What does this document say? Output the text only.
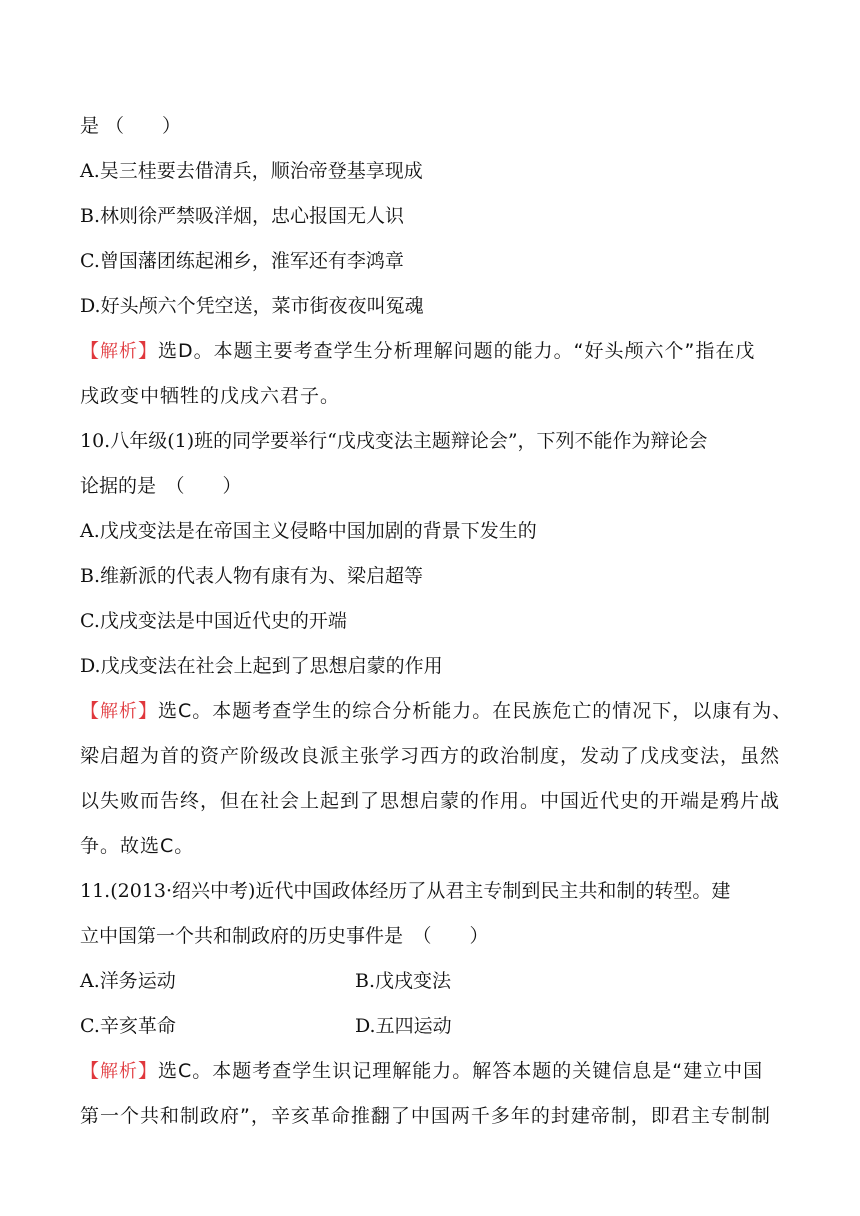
是 （　　）
A.吴三桂要去借清兵，顺治帝登基享现成
B.林则徐严禁吸洋烟，忠心报国无人识
C.曾国藩团练起湘乡，淮军还有李鸿章
D.好头颅六个凭空送，菜市街夜夜叫冤魂
【解析】选D。本题主要考查学生分析理解问题的能力。“好头颅六个”指在戊
戌政变中牺牲的戊戌六君子。
10.八年级(1)班的同学要举行“戊戌变法主题辩论会”，下列不能作为辩论会
论据的是　（　　）
A.戊戌变法是在帝国主义侵略中国加剧的背景下发生的
B.维新派的代表人物有康有为、梁启超等
C.戊戌变法是中国近代史的开端
D.戊戌变法在社会上起到了思想启蒙的作用
【解析】选C。本题考查学生的综合分析能力。在民族危亡的情况下，以康有为、
梁启超为首的资产阶级改良派主张学习西方的政治制度，发动了戊戌变法，虽然
以失败而告终，但在社会上起到了思想启蒙的作用。中国近代史的开端是鸦片战
争。故选C。
11.(2013·绍兴中考)近代中国政体经历了从君主专制到民主共和制的转型。建
立中国第一个共和制政府的历史事件是　（　　）
A.洋务运动	B.戊戌变法
C.辛亥革命	D.五四运动
【解析】选C。本题考查学生识记理解能力。解答本题的关键信息是“建立中国
第一个共和制政府”，辛亥革命推翻了中国两千多年的封建帝制，即君主专制制
